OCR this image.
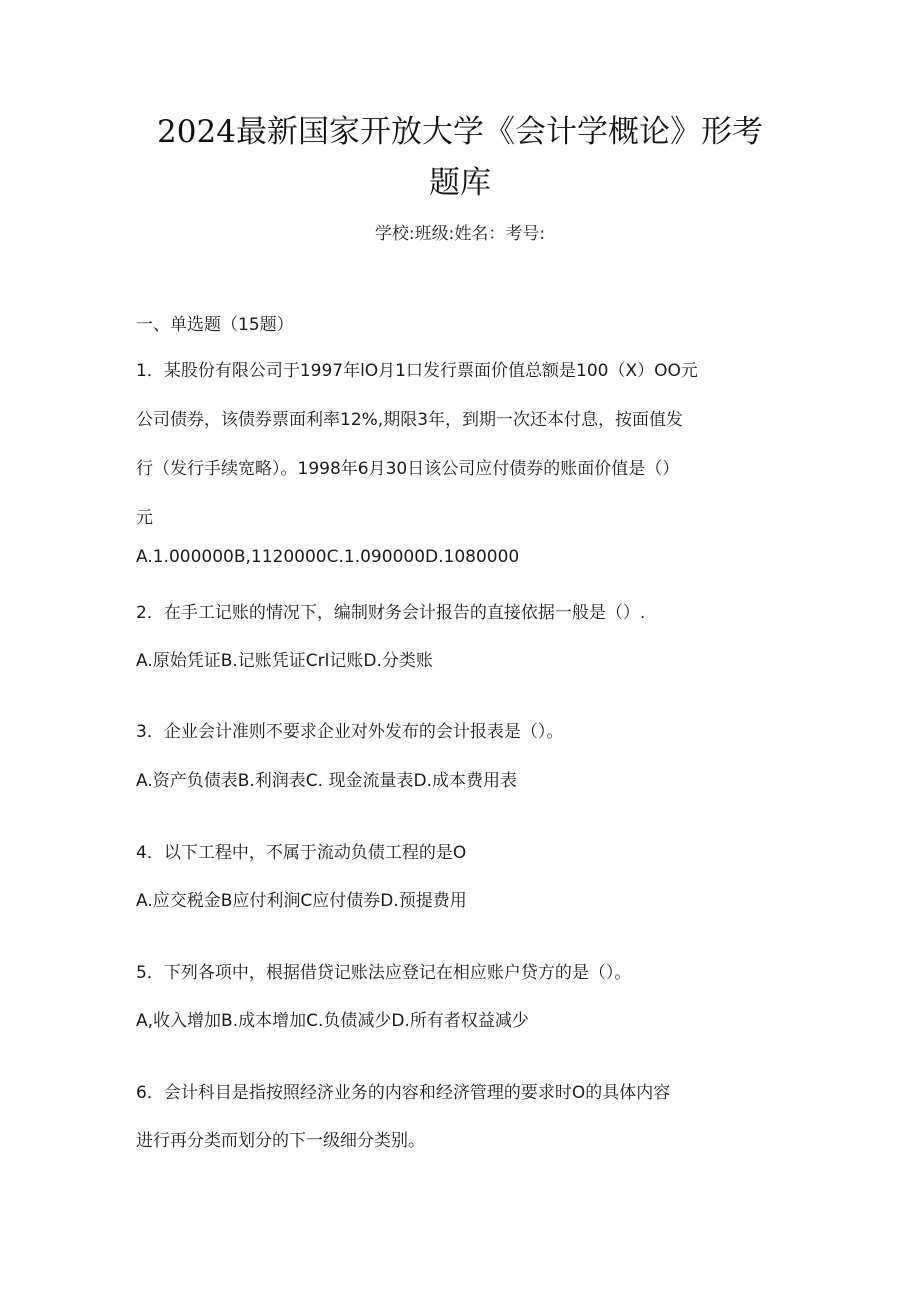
2024最新国家开放大学《会计学概论》形考
题库
学校:班级:姓名：考号:
一、单选题（15题）
1．某股份有限公司于1997年lO月1口发行票面价值总额是100（X）OO元
公司债券，该债券票面利率12%,期限3年，到期一次还本付息，按面值发
行（发行手续宽略）。1998年6月30日该公司应付债券的账面价值是（）
元
A.1.000000B,1120000C.1.090000D.1080000
2．在手工记账的情况下，编制财务会计报告的直接依据一般是（）.
A.原始凭证B.记账凭证Crl记账D.分类账
3．企业会计准则不要求企业对外发布的会计报表是（）。
A.资产负债表B.利润表C. 现金流量表D.成本费用表
4．以下工程中，不属于流动负债工程的是O
A.应交税金B应付利涧C应付债券D.预提费用
5．下列各项中，根据借贷记账法应登记在相应账户贷方的是（）。
A,收入增加B.成本增加C.负债减少D.所有者权益减少
6．会计科目是指按照经济业务的内容和经济管理的要求时O的具体内容
进行再分类而划分的下一级细分类别。
